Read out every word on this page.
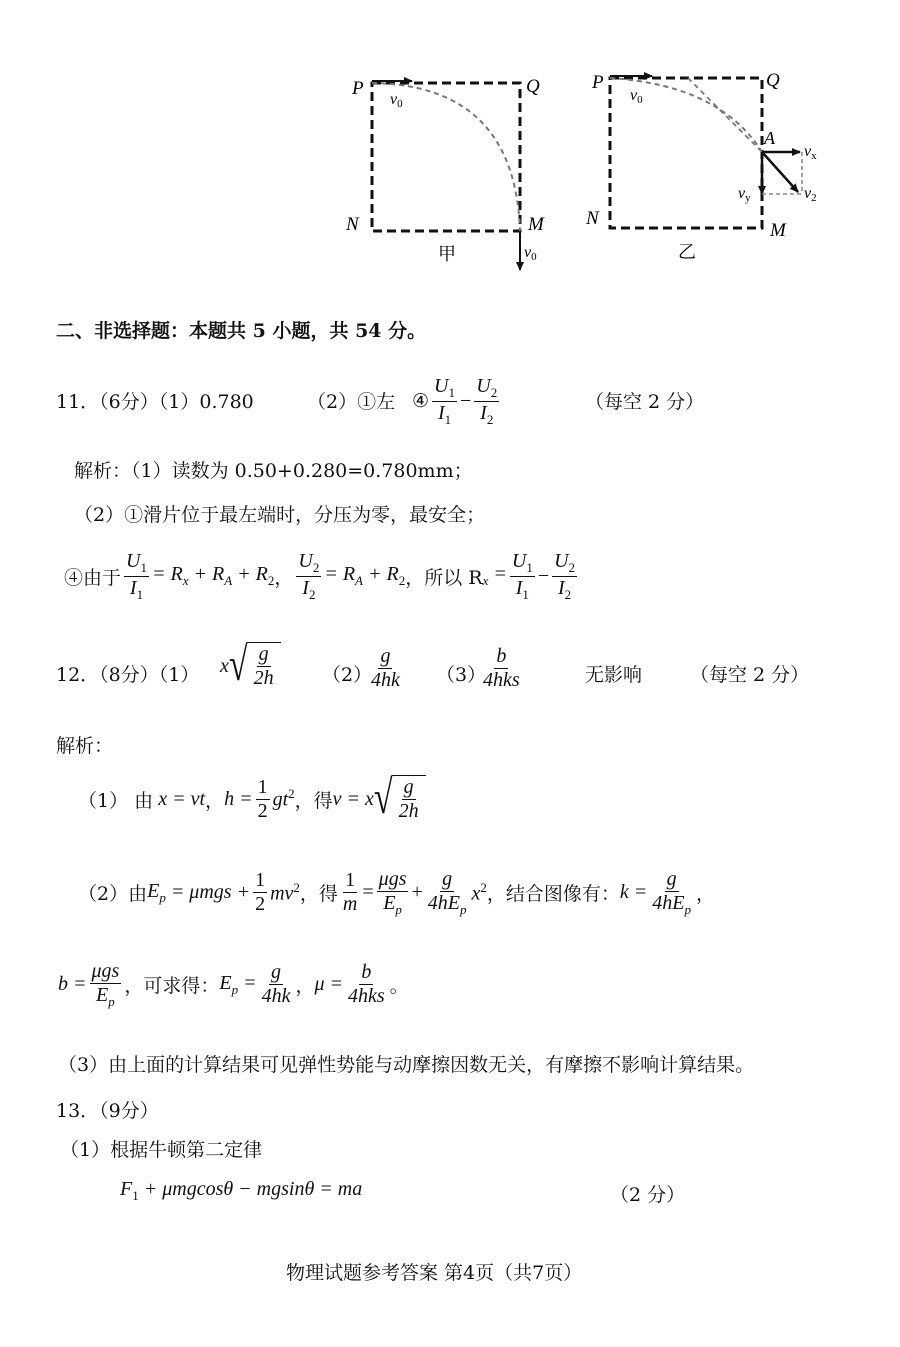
P	Q
N	M
v0
v0
甲
P	Q
N
M
A
v0
vx
vy	v2
乙
二、非选择题：本题共 5 小题，共 54 分。
11．（6分）（1）0.780	（2）①左 ④ $\frac{U_1}{I_1} - \frac{U_2}{I_2}$	（每空 2 分）
解析：（1）读数为 0.50+0.280=0.780mm；
（2）①滑片位于最左端时，分压为零，最安全；
④由于 $\frac{U_1}{I_1} = R_x + R_A + R_2$ ， $\frac{U_2}{I_2} = R_A + R_2$ ，所以 R $_x = \frac{U_1}{I_1} - \frac{U_2}{I_2}$
12．（8分）（1） x √ $\frac{g}{2h} (2)$
$\frac{g}{4hk} (3)$
$\frac{b}{\text{4hks}}$	无影响	（每空 2 分）
解析：
（1） 由
x = vt ， $h = \frac{1}{2} gt^2$ ，得 v = x √ $\frac{g}{2h}$
（2）由 $E_p = \mu mgs + \frac{1}{2} mv^2$ ，得 $\frac{1}{m} = \frac{\text{μgs}}{E_p} + \frac{g}{4hE_p} x^2$ ，结合图像有： $k = \frac{g}{4hE_p}$ ，
$b = \frac{\text{μgs}}{E_p}$ ，可求得： $E_p = \frac{g}{4hk}$ ， $\mu = \frac{b}{\text{4hks}}$ 。
（3）由上面的计算结果可见弹性势能与动摩擦因数无关，有摩擦不影响计算结果。
13．（9分）
（1）根据牛顿第二定律
$F_1 + \mu mgcos\theta - mgsin\theta$ = ma	（2 分）
物理试题参考答案 第4页（共7页）
